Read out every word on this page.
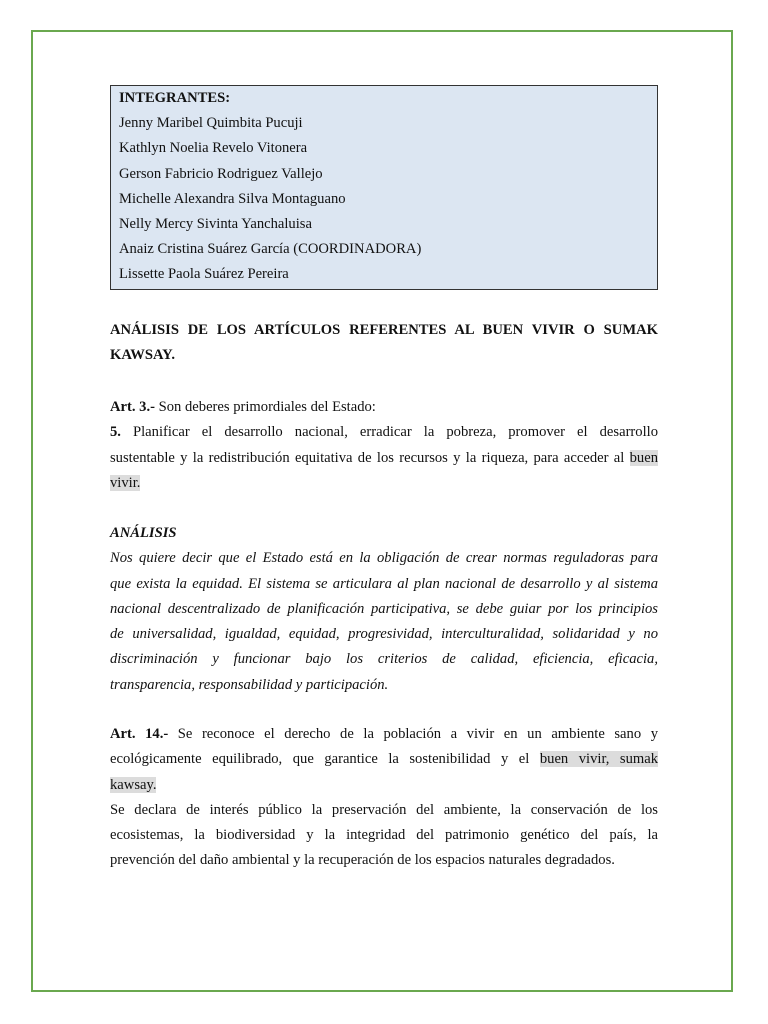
INTEGRANTES:
Jenny Maribel Quimbita Pucuji
Kathlyn Noelia Revelo Vitonera
Gerson Fabricio Rodriguez Vallejo
Michelle Alexandra Silva Montaguano
Nelly Mercy Sivinta Yanchaluisa
Anaiz Cristina Suárez García (COORDINADORA)
Lissette Paola Suárez Pereira
ANÁLISIS DE LOS ARTÍCULOS REFERENTES AL BUEN VIVIR O SUMAK
KAWSAY.
Art. 3.- Son deberes primordiales del Estado:
5. Planificar el desarrollo nacional, erradicar la pobreza, promover el desarrollo
sustentable y la redistribución equitativa de los recursos y la riqueza, para acceder al buen
vivir.
ANÁLISIS
Nos quiere decir que el Estado está en la obligación de crear normas reguladoras para
que exista la equidad. El sistema se articulara al plan nacional de desarrollo y al sistema
nacional descentralizado de planificación participativa, se debe guiar por los principios
de universalidad, igualdad, equidad, progresividad, interculturalidad, solidaridad y no
discriminación y funcionar bajo los criterios de calidad, eficiencia, eficacia,
transparencia, responsabilidad y participación.
Art. 14.- Se reconoce el derecho de la población a vivir en un ambiente sano y
ecológicamente equilibrado, que garantice la sostenibilidad y el buen vivir, sumak
kawsay.
Se declara de interés público la preservación del ambiente, la conservación de los
ecosistemas, la biodiversidad y la integridad del patrimonio genético del país, la
prevención del daño ambiental y la recuperación de los espacios naturales degradados.
